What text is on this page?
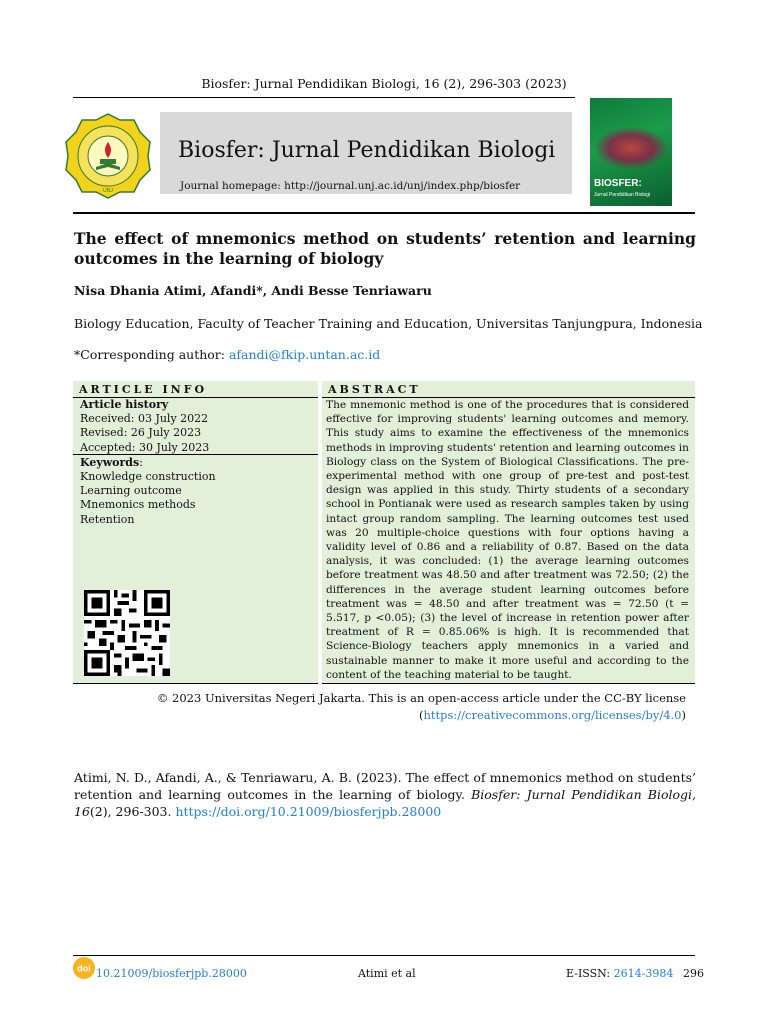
Biosfer: Jurnal Pendidikan Biologi, 16 (2), 296-303 (2023)
UNJ
Biosfer: Jurnal Pendidikan Biologi
Journal homepage: http://journal.unj.ac.id/unj/index.php/biosfer	BIOSFER:
Jurnal Pendidikan Biologi
The effect of mnemonics method on students’ retention and learning outcomes in the learning of biology
Nisa Dhania Atimi, Afandi*, Andi Besse Tenriawaru
Biology Education, Faculty of Teacher Training and Education, Universitas Tanjungpura, Indonesia
*Corresponding author: afandi@fkip.untan.ac.id
ARTICLE INFO
Article history
Received: 03 July 2022
Revised: 26 July 2023
Accepted: 30 July 2023
Keywords:
Knowledge construction
Learning outcome
Mnemonics methods
Retention
ABSTRACT
The mnemonic method is one of the procedures that is considered effective for improving students' learning outcomes and memory. This study aims to examine the effectiveness of the mnemonics methods in improving students' retention and learning outcomes in Biology class on the System of Biological Classifications. The pre-experimental method with one group of pre-test and post-test design was applied in this study. Thirty students of a secondary school in Pontianak were used as research samples taken by using intact group random sampling. The learning outcomes test used was 20 multiple-choice questions with four options having a validity level of 0.86 and a reliability of 0.87. Based on the data analysis, it was concluded: (1) the average learning outcomes before treatment was 48.50 and after treatment was 72.50; (2) the differences in the average student learning outcomes before treatment was = 48.50 and after treatment was = 72.50 (t = 5.517, p <0.05); (3) the level of increase in retention power after treatment of R = 0.85.06% is high. It is recommended that Science-Biology teachers apply mnemonics in a varied and sustainable manner to make it more useful and according to the content of the teaching material to be taught.
© 2023 Universitas Negeri Jakarta. This is an open-access article under the CC-BY license
(https://creativecommons.org/licenses/by/4.0)
Atimi, N. D., Afandi, A., & Tenriawaru, A. B. (2023). The effect of mnemonics method on students’ retention and learning outcomes in the learning of biology. Biosfer: Jurnal Pendidikan Biologi, 16(2), 296-303. https://doi.org/10.21009/biosferjpb.28000
doi 10.21009/biosferjpb.28000	Atimi et al	E-ISSN: 2614-3984 296
